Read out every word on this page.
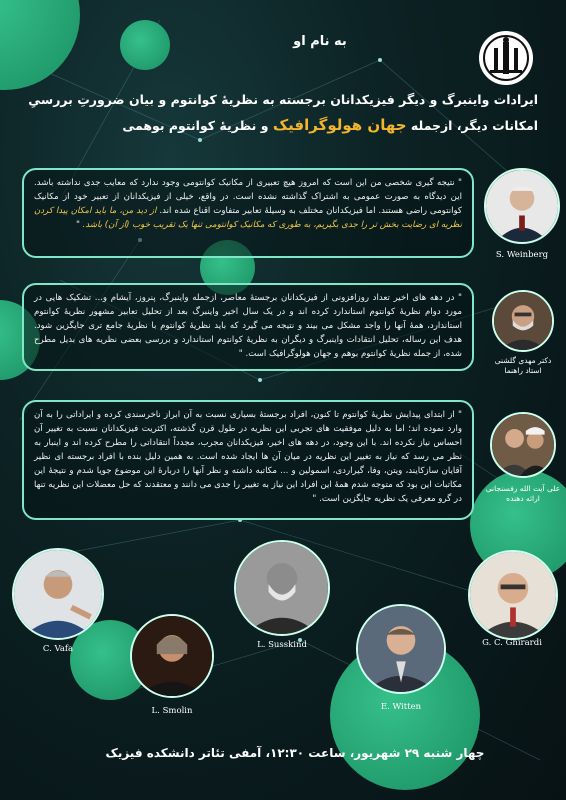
به نام او
ایرادات واینبرگ و دیگر فیزیکدانان برجسته به نظریۀ کوانتوم و بیان ضرورتِ بررسیِ
امکانات دیگر، ازجمله جهان هولوگرافیک و نظریۀ کوانتوم بوهمی
" نتیجه گیری شخصی من این است که امروز هیچ تعبیری از مکانیک کوانتومی وجود ندارد که معایب جدی نداشته باشد. این دیدگاه به صورت عمومی به اشتراک گذاشته نشده است. در واقع، خیلی از فیزیکدانان از تعبیر خود از مکانیک کوانتومی راضی هستند. اما فیزیکدانان مختلف به وسیلۀ تعابیر متفاوت اقناع شده اند. از دید من، ما باید امکان پیدا کردن نظریه ای رضایت بخش تر را جدی بگیریم، به طوری که مکانیک کوانتومی تنها یک تقریب خوب (از آن) باشد. "
" در دهه های اخیر تعداد روزافزونی از فیزیکدانان برجستۀ معاصر، ازجمله واینبرگ، پنروز، آیشام و... تشکیک هایی در مورد دوام نظریۀ کوانتوم استاندارد کرده اند و در یک سال اخیر واینبرگ بعد از تحلیل تعابیر مشهور نظریۀ کوانتوم استاندارد، همۀ آنها را واجد مشکل می بیند و نتیجه می گیرد که باید نظریۀ کوانتوم با نظریۀ جامع تری جایگزین شود. هدف این رساله، تحلیل انتقادات واینبرگ و دیگران به نظریۀ کوانتوم استاندارد و بررسی بعضی نظریه های بدیل مطرح شده، از جمله نظریۀ کوانتوم بوهم و جهان هولوگرافیک است. "
" از ابتدای پیدایش نظریۀ کوانتوم تا کنون، افراد برجستۀ بسیاری نسبت به آن ابراز ناخرسندی کرده و ایراداتی را به آن وارد نموده اند؛ اما به دلیل موفقیت های تجربی این نظریه در طول قرن گذشته، اکثریت فیزیکدانان نسبت به تغییر آن احساس نیاز نکرده اند. با این وجود، در دهه های اخیر، فیزیکدانان مجرب، مجدداً انتقاداتی را مطرح کرده اند و اینبار به نظر می رسد که نیاز به تغییر این نظریه در میان آن ها ایجاد شده است. به همین دلیل بنده با افراد برجسته ای نظیر آقایان سازکایند، ویتن، وفا، گیراردی، اسمولین و ... مکاتبه داشته و نظر آنها را دربارۀ این موضوع جویا شدم و نتیجۀ این مکاتبات این بود که متوجه شدم همۀ این افراد این نیاز به تغییر را جدی می دانند و معتقدند که حل معضلات این نظریه تنها در گرو معرفی یک نظریه جایگزین است. "
S. Weinberg
دکتر مهدی گلشنی
استاد راهنما
علی آیت الله رفسنجانی
ارائه دهنده
C. Vafa	L. Susskind	G. C. Ghirardi
L. Smolin	E. Witten
چهار شنبه ۲۹ شهریور، ساعت ۱۲:۳۰، آمفی تئاتر دانشکده فیزیک
